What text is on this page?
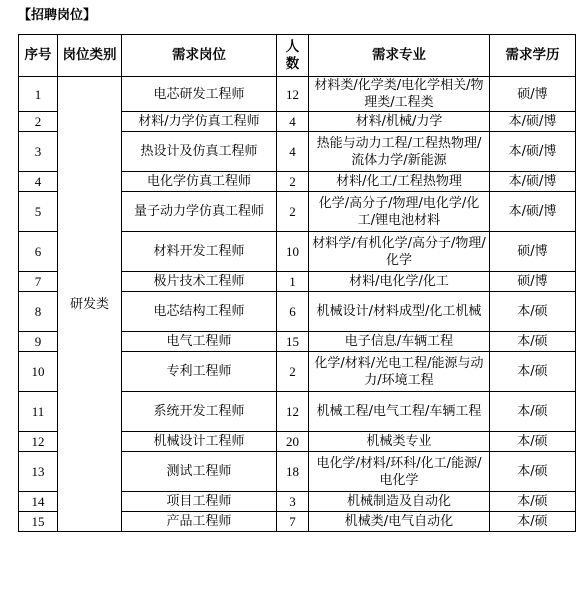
【招聘岗位】
序号	岗位类别	需求岗位	人数	需求专业	需求学历
1	研发类	电芯研发工程师	12	材料类/化学类/电化学相关/物理类/工程类	硕/博
2		材料/力学仿真工程师	4	材料/机械/力学	本/硕/博
3		热设计及仿真工程师	4	热能与动力工程/工程热物理/流体力学/新能源	本/硕/博
4		电化学仿真工程师	2	材料/化工/工程热物理	本/硕/博
5		量子动力学仿真工程师	2	化学/高分子/物理/电化学/化工/锂电池材料	本/硕/博
6		材料开发工程师	10	材料学/有机化学/高分子/物理/化学	硕/博
7		极片技术工程师	1	材料/电化学/化工	硕/博
8		电芯结构工程师	6	机械设计/材料成型/化工机械	本/硕
9		电气工程师	15	电子信息/车辆工程	本/硕
10		专利工程师	2	化学/材料/光电工程/能源与动力/环境工程	本/硕
11		系统开发工程师	12	机械工程/电气工程/车辆工程	本/硕
12		机械设计工程师	20	机械类专业	本/硕
13		测试工程师	18	电化学/材料/环科/化工/能源/电化学	本/硕
14		项目工程师	3	机械制造及自动化	本/硕
15		产品工程师	7	机械类/电气自动化	本/硕
